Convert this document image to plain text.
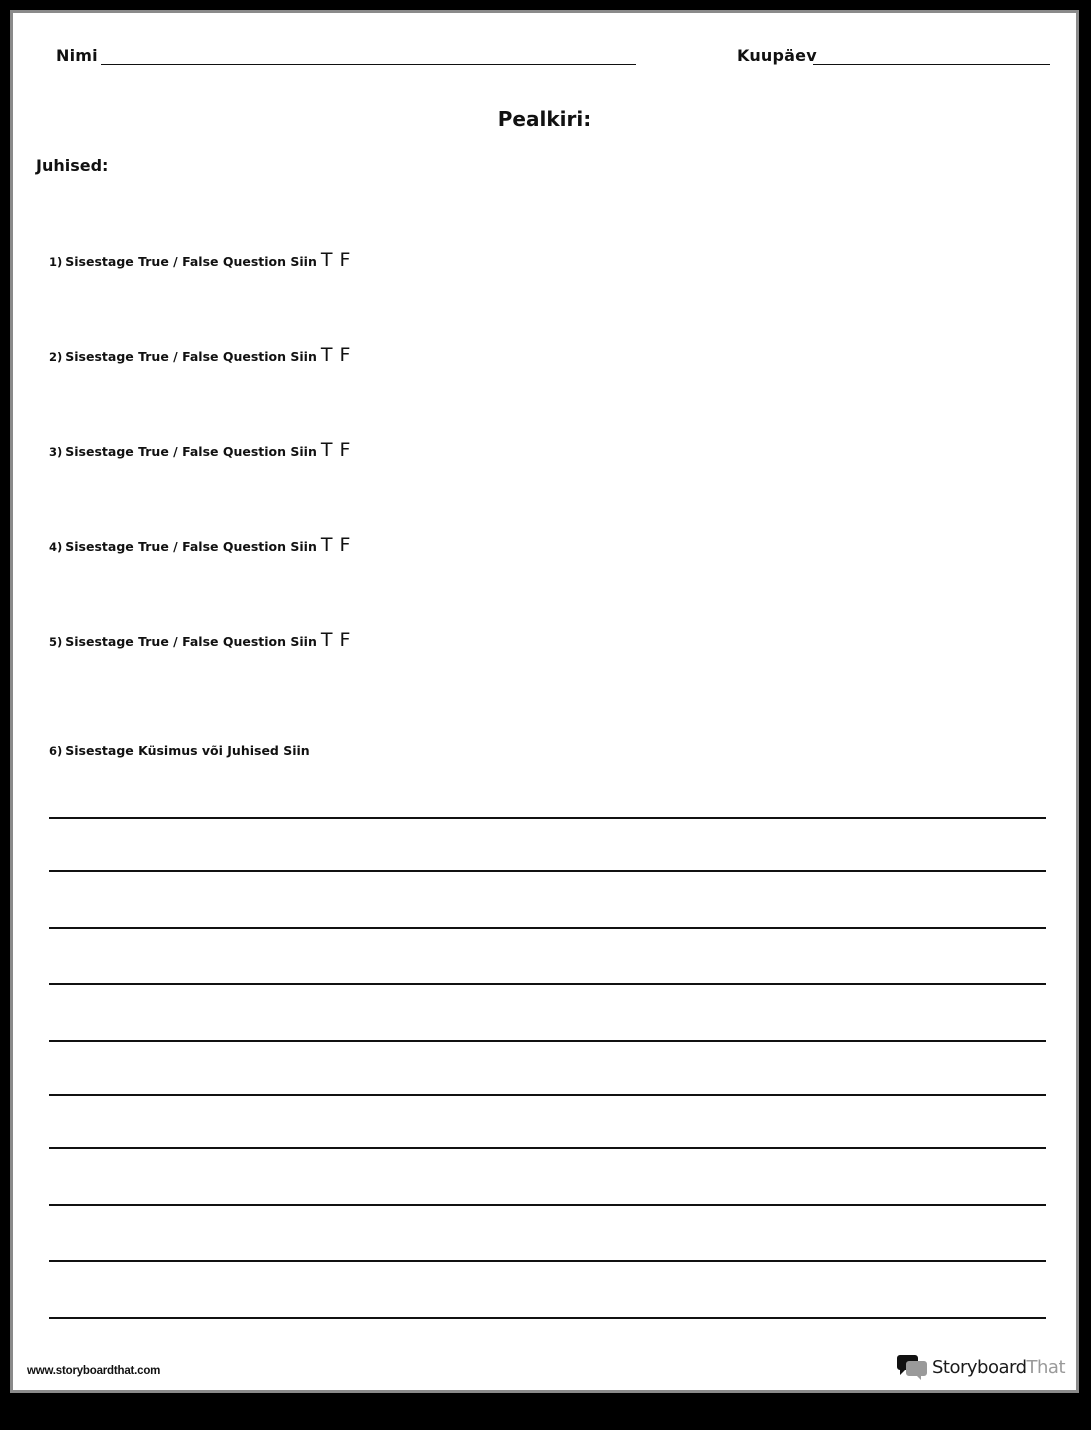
Nimi	Kuupäev
Pealkiri:
Juhised:
1) Sisestage True / False Question Siin T F
2) Sisestage True / False Question Siin T F
3) Sisestage True / False Question Siin T F
4) Sisestage True / False Question Siin T F
5) Sisestage True / False Question Siin T F
6) Sisestage Küsimus või Juhised Siin
www.storyboardthat.com	Storyboard That
